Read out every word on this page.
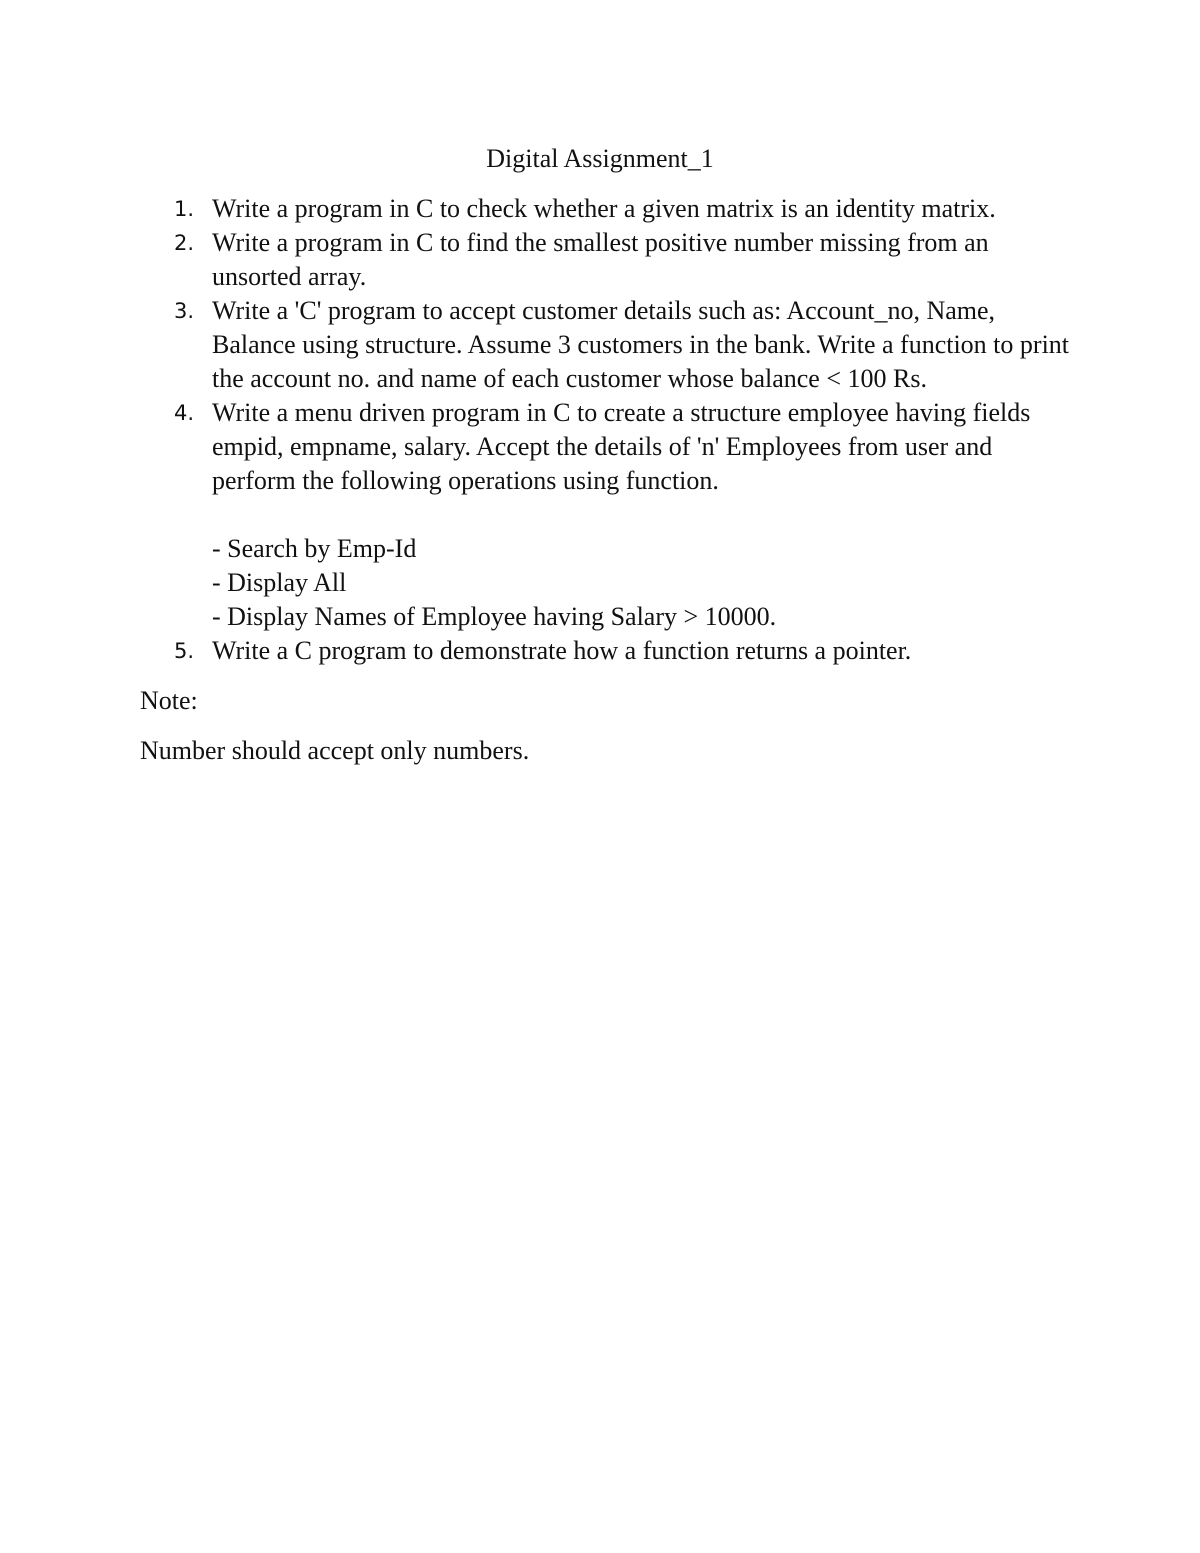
Digital Assignment_1
1. Write a program in C to check whether a given matrix is an identity matrix.
2. Write a program in C to find the smallest positive number missing from an unsorted array.
3. Write a 'C' program to accept customer details such as: Account_no, Name, Balance using structure. Assume 3 customers in the bank. Write a function to print the account no. and name of each customer whose balance < 100 Rs.
4. Write a menu driven program in C to create a structure employee having fields empid, empname, salary. Accept the details of 'n' Employees from user and perform the following operations using function.
- Search by Emp-Id
- Display All
- Display Names of Employee having Salary > 10000.
5. Write a C program to demonstrate how a function returns a pointer.
Note:
Number should accept only numbers.
